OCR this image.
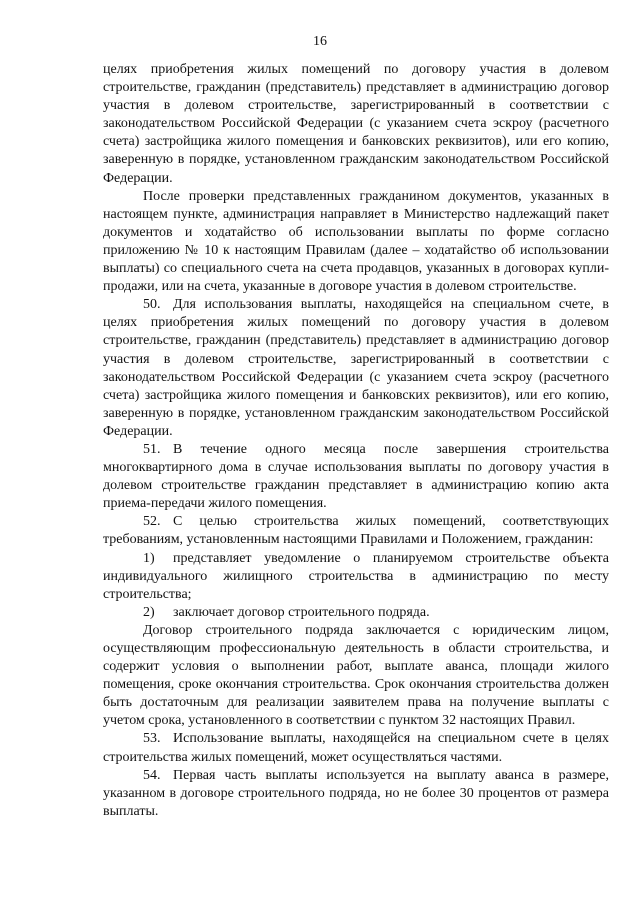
16

целях приобретения жилых помещений по договору участия в долевом строительстве, гражданин (представитель) представляет в администрацию договор участия в долевом строительстве, зарегистрированный в соответствии с законодательством Российской Федерации (с указанием счета эскроу (расчетного счета) застройщика жилого помещения и банковских реквизитов), или его копию, заверенную в порядке, установленном гражданским законодательством Российской Федерации.

После проверки представленных гражданином документов, указанных в настоящем пункте, администрация направляет в Министерство надлежащий пакет документов и ходатайство об использовании выплаты по форме согласно приложению № 10 к настоящим Правилам (далее – ходатайство об использовании выплаты) со специального счета на счета продавцов, указанных в договорах купли-продажи, или на счета, указанные в договоре участия в долевом строительстве.

50. Для использования выплаты, находящейся на специальном счете, в целях приобретения жилых помещений по договору участия в долевом строительстве, гражданин (представитель) представляет в администрацию договор участия в долевом строительстве, зарегистрированный в соответствии с законодательством Российской Федерации (с указанием счета эскроу (расчетного счета) застройщика жилого помещения и банковских реквизитов), или его копию, заверенную в порядке, установленном гражданским законодательством Российской Федерации.

51. В течение одного месяца после завершения строительства многоквартирного дома в случае использования выплаты по договору участия в долевом строительстве гражданин представляет в администрацию копию акта приема-передачи жилого помещения.

52. С целью строительства жилых помещений, соответствующих требованиям, установленным настоящими Правилами и Положением, гражданин:

1) представляет уведомление о планируемом строительстве объекта индивидуального жилищного строительства в администрацию по месту строительства;

2) заключает договор строительного подряда.

Договор строительного подряда заключается с юридическим лицом, осуществляющим профессиональную деятельность в области строительства, и содержит условия о выполнении работ, выплате аванса, площади жилого помещения, сроке окончания строительства. Срок окончания строительства должен быть достаточным для реализации заявителем права на получение выплаты с учетом срока, установленного в соответствии с пунктом 32 настоящих Правил.

53. Использование выплаты, находящейся на специальном счете в целях строительства жилых помещений, может осуществляться частями.

54. Первая часть выплаты используется на выплату аванса в размере, указанном в договоре строительного подряда, но не более 30 процентов от размера выплаты.
